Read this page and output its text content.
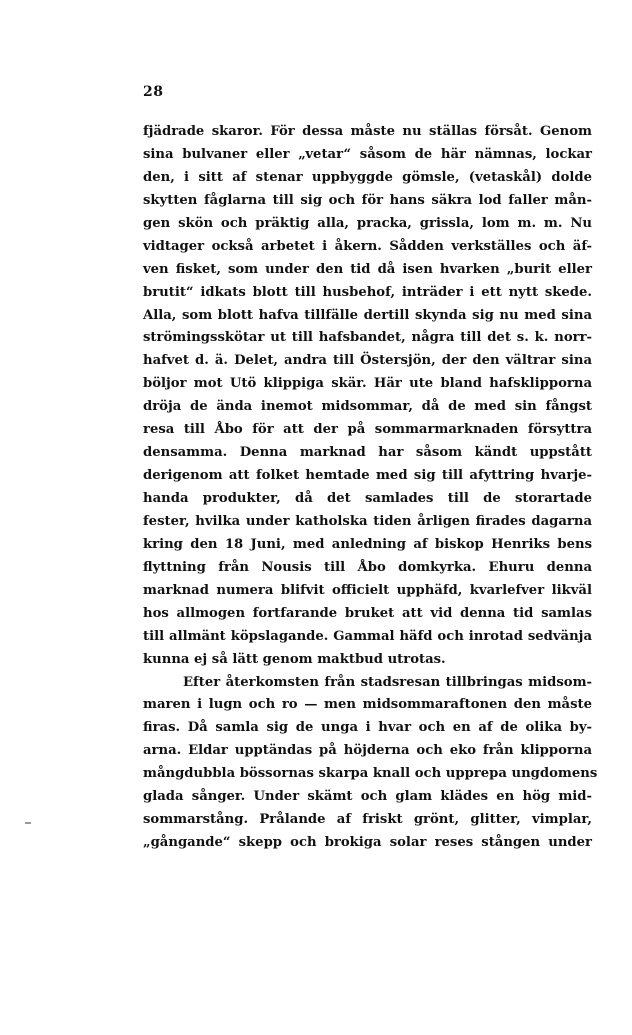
28
fjädrade skaror. För dessa måste nu ställas försåt. Genom
sina bulvaner eller „vetar“ såsom de här nämnas, lockar
den, i sitt af stenar uppbyggde gömsle, (vetaskål) dolde
skytten fåglarna till sig och för hans säkra lod faller mån-
gen skön och präktig alla, pracka, grissla, lom m. m. Nu
vidtager också arbetet i åkern. Sådden verkställes och äf-
ven fisket, som under den tid då isen hvarken „burit eller
brutit“ idkats blott till husbehof, inträder i ett nytt skede.
Alla, som blott hafva tillfälle dertill skynda sig nu med sina
strömingsskötar ut till hafsbandet, några till det s. k. norr-
hafvet d. ä. Delet, andra till Östersjön, der den vältrar sina
böljor mot Utö klippiga skär. Här ute bland hafsklipporna
dröja de ända inemot midsommar, då de med sin fångst
resa till Åbo för att der på sommarmarknaden försyttra
densamma. Denna marknad har såsom kändt uppstått
derigenom att folket hemtade med sig till afyttring hvarje-
handa produkter, då det samlades till de storartade
fester, hvilka under katholska tiden årligen firades dagarna
kring den 18 Juni, med anledning af biskop Henriks bens
flyttning från Nousis till Åbo domkyrka. Ehuru denna
marknad numera blifvit officielt upphäfd, kvarlefver likväl
hos allmogen fortfarande bruket att vid denna tid samlas
till allmänt köpslagande. Gammal häfd och inrotad sedvänja
kunna ej så lätt genom maktbud utrotas.
Efter återkomsten från stadsresan tillbringas midsom-
maren i lugn och ro — men midsommaraftonen den måste
firas. Då samla sig de unga i hvar och en af de olika by-
arna. Eldar upptändas på höjderna och eko från klipporna
mångdubbla bössornas skarpa knall och upprepa ungdomens
glada sånger. Under skämt och glam klädes en hög mid-
sommarstång. Prålande af friskt grönt, glitter, vimplar,
„gångande“ skepp och brokiga solar reses stången under
